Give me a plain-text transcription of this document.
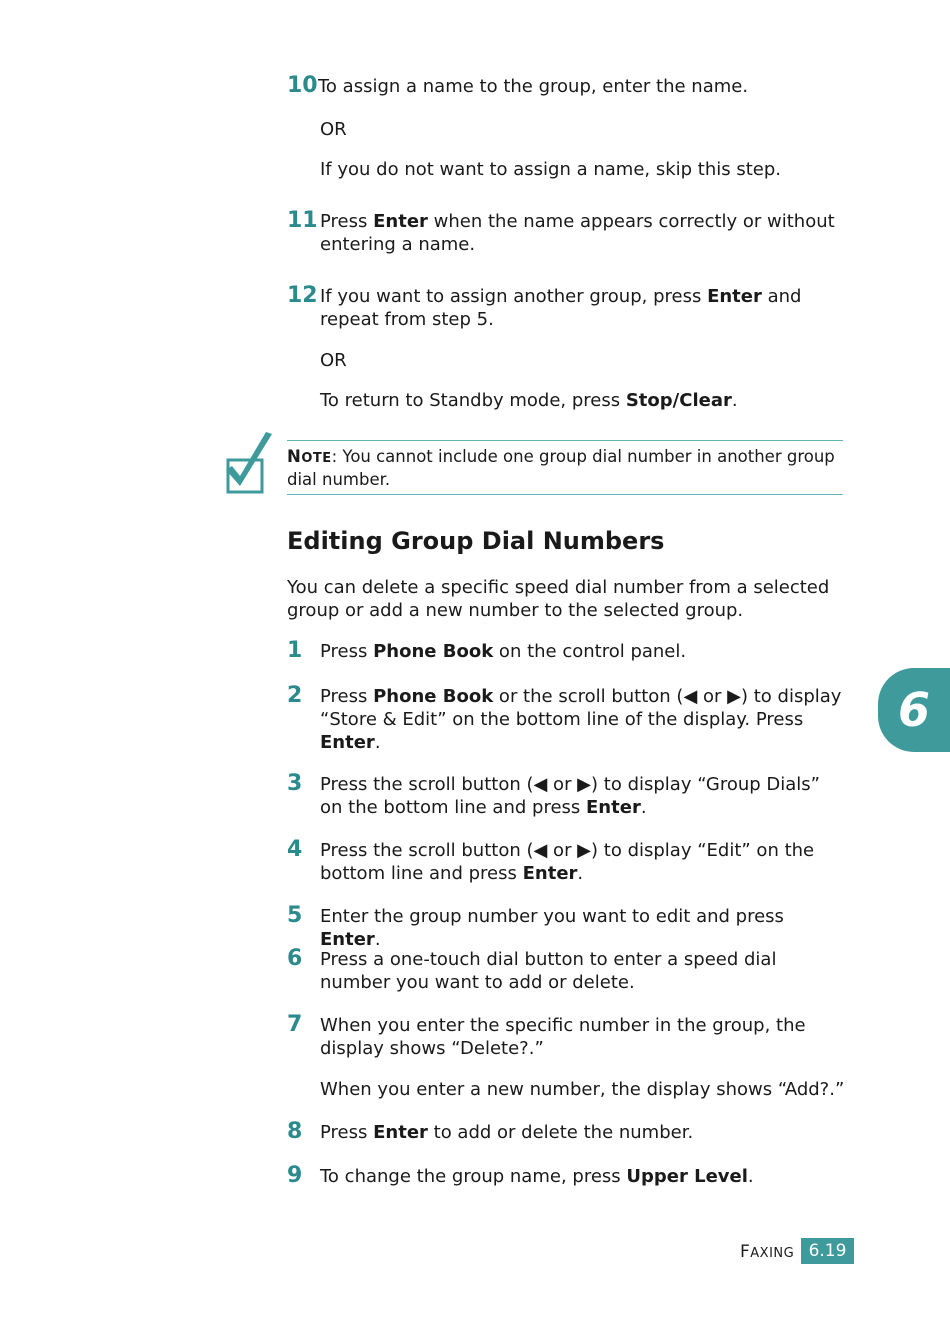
10 To assign a name to the group, enter the name.
OR
If you do not want to assign a name, skip this step.
11 Press Enter when the name appears correctly or without entering a name.
12 If you want to assign another group, press Enter and repeat from step 5.
OR
To return to Standby mode, press Stop/Clear.
NOTE: You cannot include one group dial number in another group dial number.
Editing Group Dial Numbers
You can delete a specific speed dial number from a selected group or add a new number to the selected group.
1 Press Phone Book on the control panel.
2 Press Phone Book or the scroll button (◀ or ▶) to display “Store & Edit” on the bottom line of the display. Press Enter.
3 Press the scroll button (◀ or ▶) to display “Group Dials” on the bottom line and press Enter.
4 Press the scroll button (◀ or ▶) to display “Edit” on the bottom line and press Enter.
5 Enter the group number you want to edit and press Enter.
6 Press a one-touch dial button to enter a speed dial number you want to add or delete.
7 When you enter the specific number in the group, the display shows “Delete?.”
When you enter a new number, the display shows “Add?.”
8 Press Enter to add or delete the number.
9 To change the group name, press Upper Level.
6
FAXING 6.19
